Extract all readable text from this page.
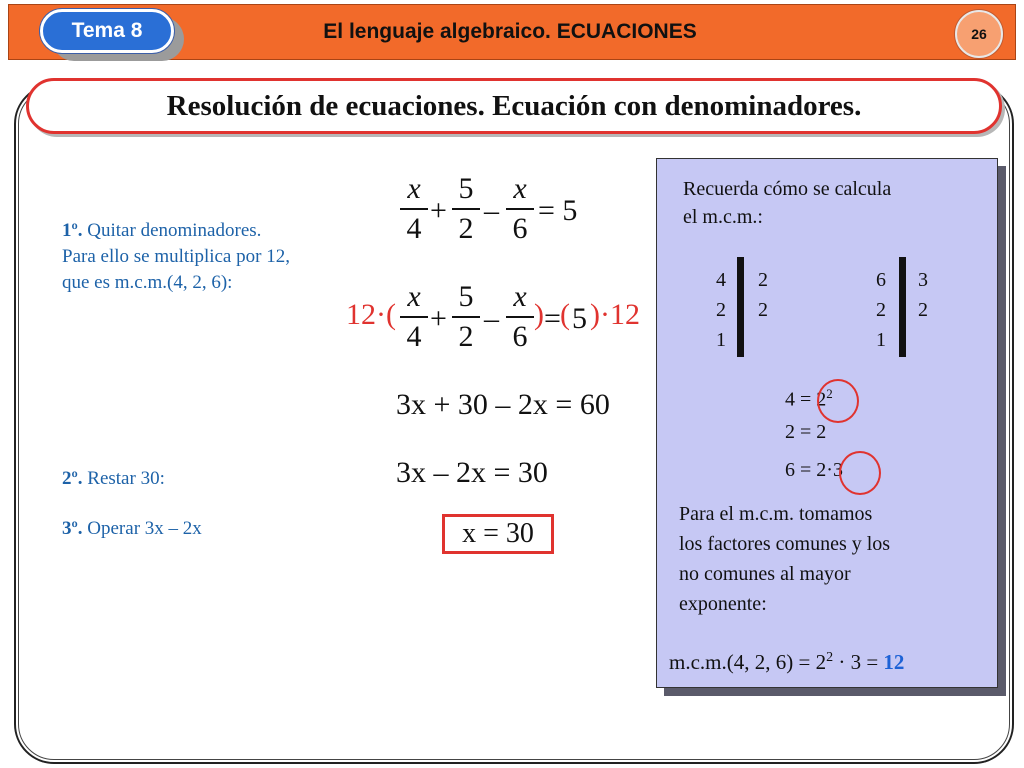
Tema 8	El lenguaje algebraico. ECUACIONES	26
Resolución de ecuaciones. Ecuación con denominadores.
1º. Quitar denominadores.
Para ello se multiplica por 12,
que es m.c.m.(4, 2, 6):
2º. Restar 30:
3º. Operar 3x – 2x
x
4
+
5
2
–
x
6
= 5
12·(
x
4
+
5
2
–
x
6
) = ( 5 ) ·12
3x + 30 – 2x = 60
3x – 2x = 30
x = 30
Recuerda cómo se calcula
el m.c.m.:
4
2
1
2
2
6
2
1
3
2
$4 = 2^2$
2 = 2
6 = 2·3
Para el m.c.m. tomamos
los factores comunes y los
no comunes al mayor
exponente:
m.c.m.(4, 2, $6) = 2^2 \cdot 3 = 12$
